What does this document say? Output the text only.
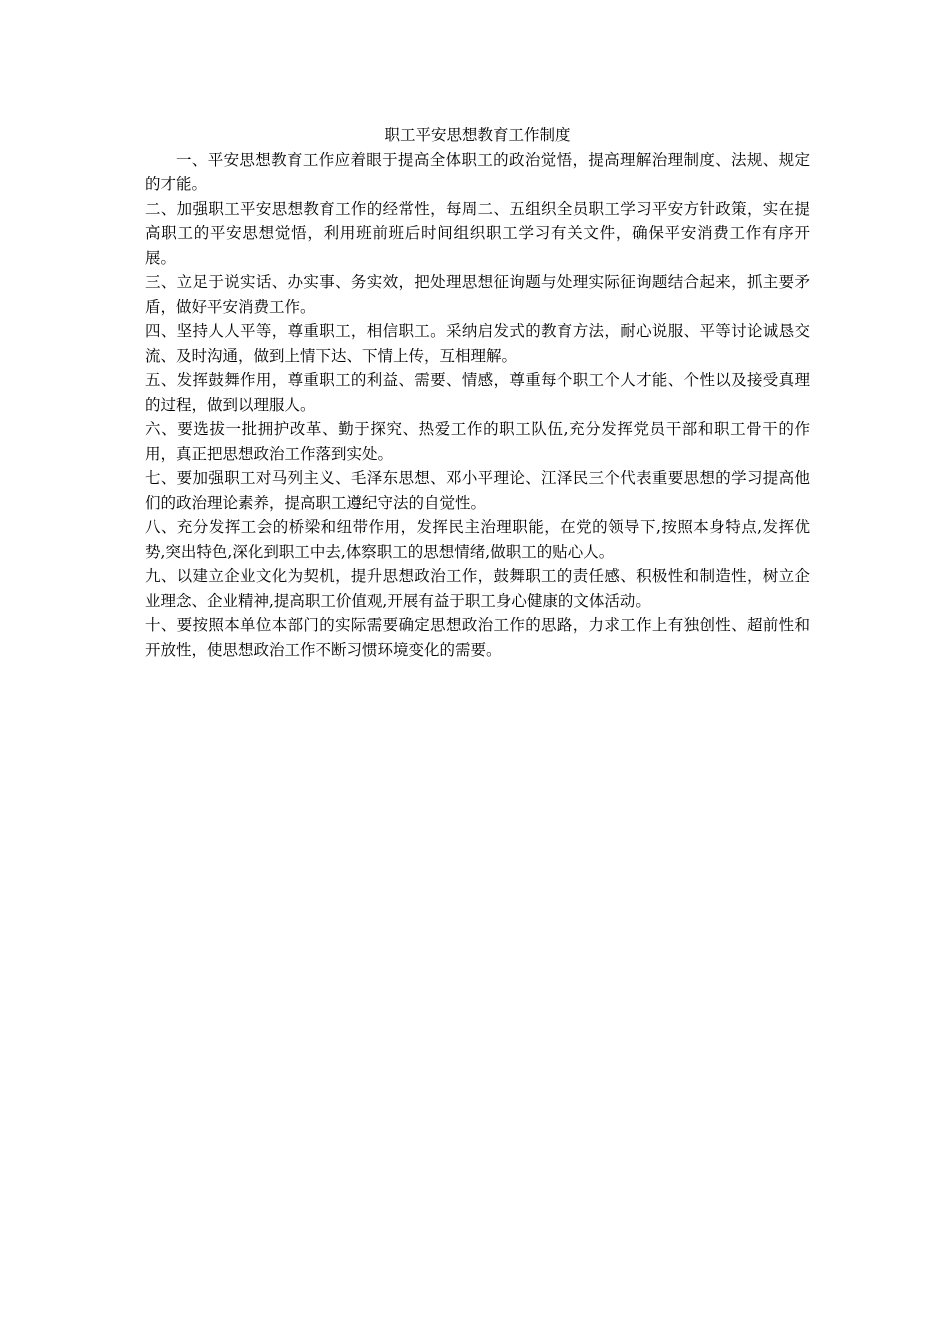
职工平安思想教育工作制度

一、平安思想教育工作应着眼于提高全体职工的政治觉悟，提高理解治理制度、法规、规定的才能。

二、加强职工平安思想教育工作的经常性，每周二、五组织全员职工学习平安方针政策，实在提高职工的平安思想觉悟，利用班前班后时间组织职工学习有关文件，确保平安消费工作有序开展。

三、立足于说实话、办实事、务实效，把处理思想征询题与处理实际征询题结合起来，抓主要矛盾，做好平安消费工作。

四、坚持人人平等，尊重职工，相信职工。采纳启发式的教育方法，耐心说服、平等讨论诚恳交流、及时沟通，做到上情下达、下情上传，互相理解。

五、发挥鼓舞作用，尊重职工的利益、需要、情感，尊重每个职工个人才能、个性以及接受真理的过程，做到以理服人。

六、要选拔一批拥护改革、勤于探究、热爱工作的职工队伍,充分发挥党员干部和职工骨干的作用，真正把思想政治工作落到实处。

七、要加强职工对马列主义、毛泽东思想、邓小平理论、江泽民三个代表重要思想的学习提高他们的政治理论素养，提高职工遵纪守法的自觉性。

八、充分发挥工会的桥梁和纽带作用，发挥民主治理职能，在党的领导下,按照本身特点,发挥优势,突出特色,深化到职工中去,体察职工的思想情绪,做职工的贴心人。

九、以建立企业文化为契机，提升思想政治工作，鼓舞职工的责任感、积极性和制造性，树立企业理念、企业精神,提高职工价值观,开展有益于职工身心健康的文体活动。

十、要按照本单位本部门的实际需要确定思想政治工作的思路，力求工作上有独创性、超前性和开放性，使思想政治工作不断习惯环境变化的需要。
